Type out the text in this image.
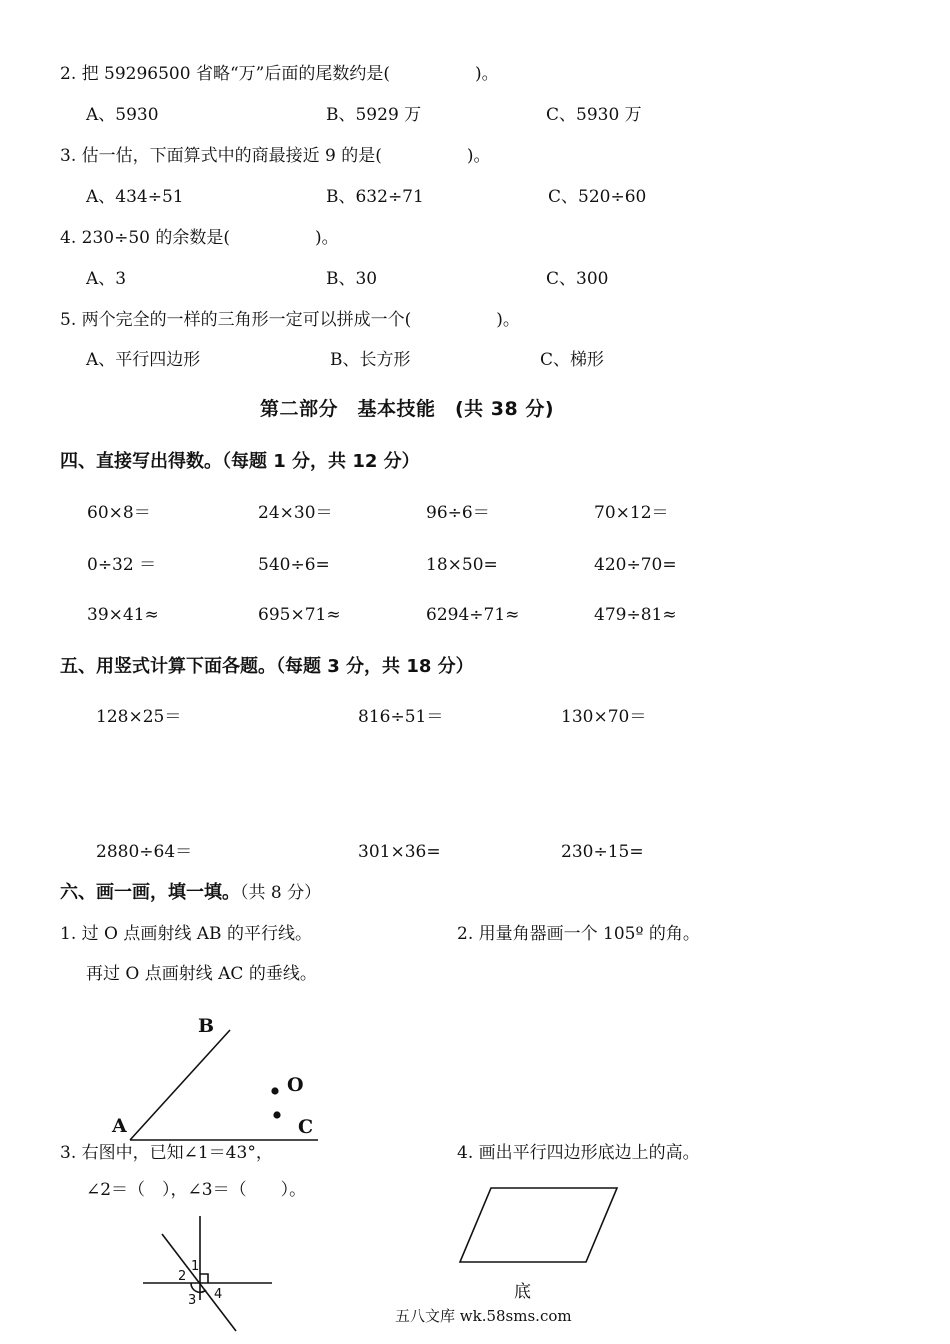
2. 把 59296500 省略“万”后面的尾数约是(　　　　　)。
A、5930	B、5929 万	C、5930 万
3. 估一估，下面算式中的商最接近 9 的是(　　　　　)。
A、434÷51	B、632÷71	C、520÷60
4. 230÷50 的余数是(　　　　　)。
A、3	B、30	C、300
5. 两个完全的一样的三角形一定可以拼成一个(　　　　　)。
A、平行四边形	B、长方形	C、梯形
第二部分　基本技能　(共 38 分)
四、直接写出得数。（每题 1 分，共 12 分）
60×8＝	24×30＝	96÷6＝	70×12＝
0÷32 ＝	540÷6=	18×50=	420÷70=
39×41≈	695×71≈	6294÷71≈	479÷81≈
五、用竖式计算下面各题。（每题 3 分，共 18 分）
128×25＝	816÷51＝	130×70＝
2880÷64＝	301×36=	230÷15=
六、画一画，填一填。（共 8 分）
1. 过 O 点画射线 AB 的平行线。
再过 O 点画射线 AC 的垂线。
2. 用量角器画一个 105º 的角。
3. 右图中，已知∠1＝43°，
∠2＝（　），∠3＝（　　）。
4. 画出平行四边形底边上的高。
B
A
O
C
1
2
3 4	底
五八文库 wk.58sms.com
